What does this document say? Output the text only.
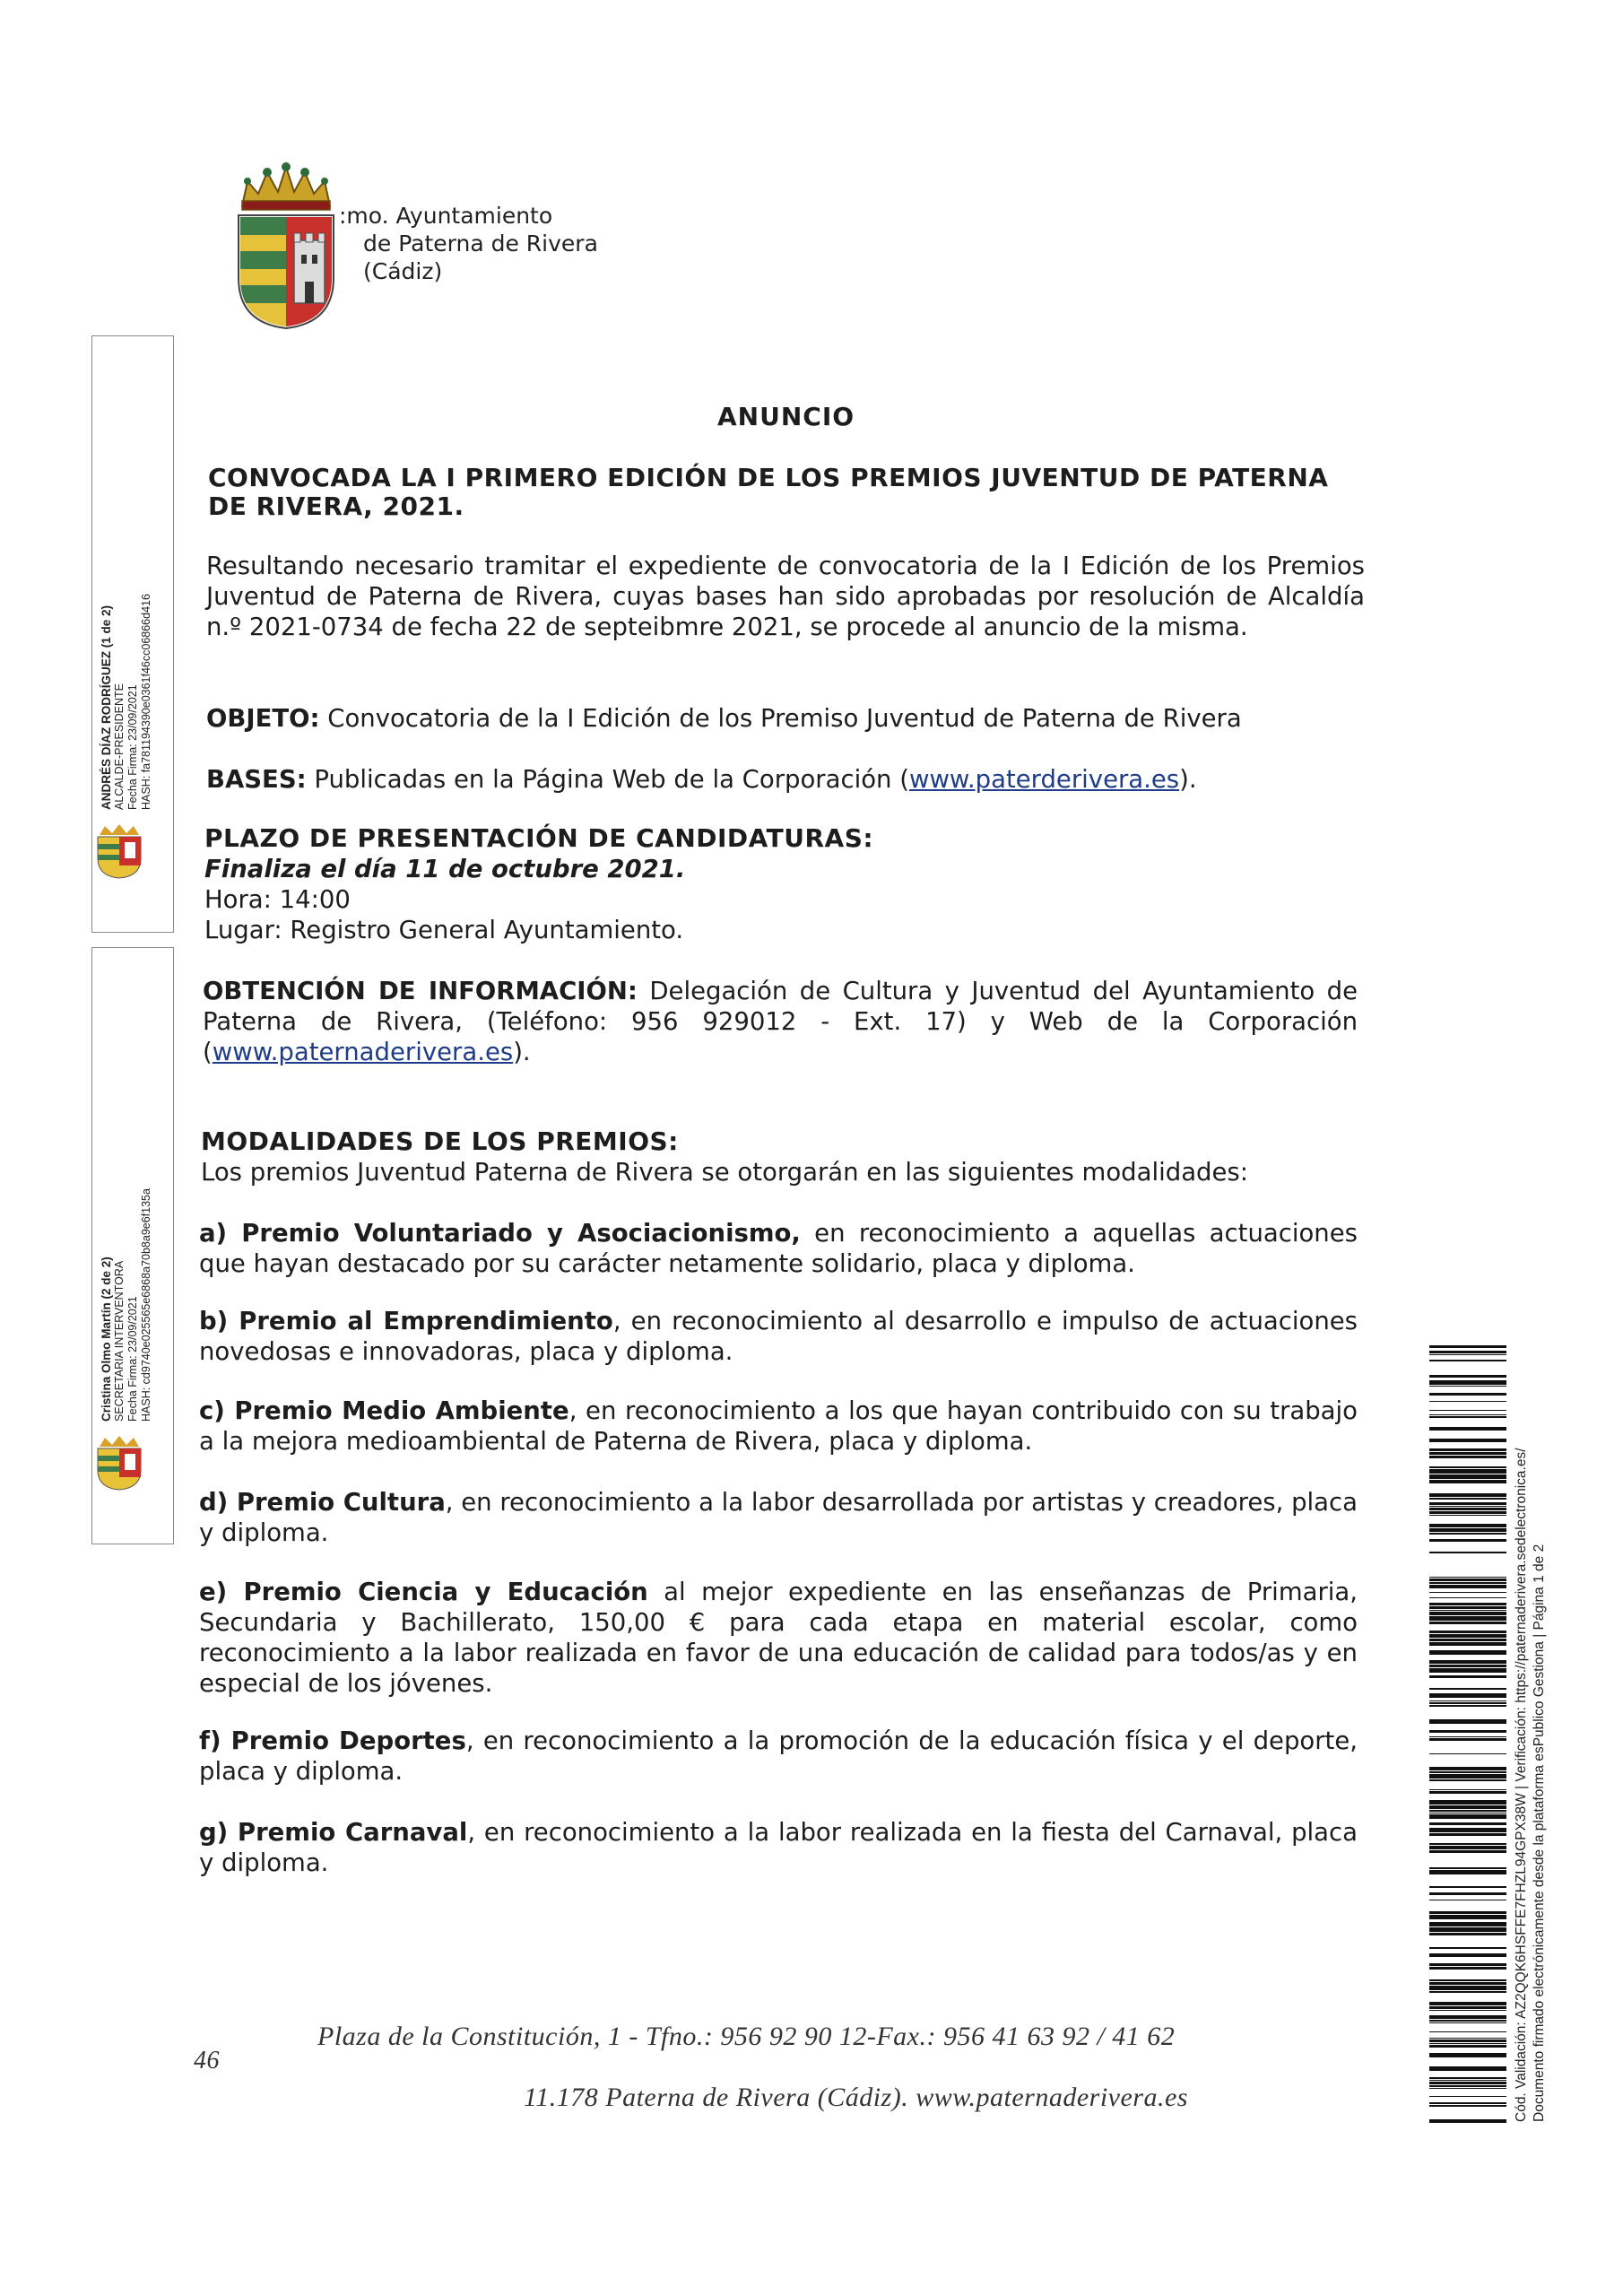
:mo. Ayuntamiento
de Paterna de Rivera
(Cádiz)
ANUNCIO
CONVOCADA LA I PRIMERO EDICIÓN DE LOS PREMIOS JUVENTUD DE PATERNA
DE RIVERA, 2021.
Resultando necesario tramitar el expediente de convocatoria de la I Edición de los Premios Juventud de Paterna de Rivera, cuyas bases han sido aprobadas por resolución de Alcaldía n.º 2021-0734 de fecha 22 de septeibmre 2021, se procede al anuncio de la misma.
OBJETO: Convocatoria de la I Edición de los Premiso Juventud de Paterna de Rivera
BASES: Publicadas en la Página Web de la Corporación (www.paterderivera.es).
PLAZO DE PRESENTACIÓN DE CANDIDATURAS:
Finaliza el día 11 de octubre 2021.
Hora: 14:00
Lugar: Registro General Ayuntamiento.
OBTENCIÓN DE INFORMACIÓN: Delegación de Cultura y Juventud del Ayuntamiento de Paterna de Rivera, (Teléfono: 956 929012 - Ext. 17) y Web de la Corporación (www.paternaderivera.es).
MODALIDADES DE LOS PREMIOS:
Los premios Juventud Paterna de Rivera se otorgarán en las siguientes modalidades:
a) Premio Voluntariado y Asociacionismo, en reconocimiento a aquellas actuaciones que hayan destacado por su carácter netamente solidario, placa y diploma.
b) Premio al Emprendimiento, en reconocimiento al desarrollo e impulso de actuaciones novedosas e innovadoras, placa y diploma.
c) Premio Medio Ambiente, en reconocimiento a los que hayan contribuido con su trabajo a la mejora medioambiental de Paterna de Rivera, placa y diploma.
d) Premio Cultura, en reconocimiento a la labor desarrollada por artistas y creadores, placa y diploma.
e) Premio Ciencia y Educación al mejor expediente en las enseñanzas de Primaria, Secundaria y Bachillerato, 150,00 € para cada etapa en material escolar, como reconocimiento a la labor realizada en favor de una educación de calidad para todos/as y en especial de los jóvenes.
f) Premio Deportes, en reconocimiento a la promoción de la educación física y el deporte, placa y diploma.
g) Premio Carnaval, en reconocimiento a la labor realizada en la fiesta del Carnaval, placa y diploma.
ANDRÉS DÍAZ RODRÍGUEZ (1 de 2) ALCALDE-PRESIDENTE Fecha Firma: 23/09/2021 HASH: fa781194390e0361f46cc06866d416
Cristina Olmo Martín (2 de 2) SECRETARIA INTERVENTORA Fecha Firma: 23/09/2021 HASH: cd9740e025565e6868a70b8a9e6f135a
46
Plaza de la Constitución, 1 - Tfno.: 956 92 90 12-Fax.: 956 41 63 92 / 41 62
11.178 Paterna de Rivera (Cádiz). www.paternaderivera.es	Cód. Validación: AZ2QQK6HSFFE7FHZL94GPX38W | Verificación: https://paternaderivera.sedelectronica.es/ Documento firmado electrónicamente desde la plataforma esPublico Gestiona | Página 1 de 2
